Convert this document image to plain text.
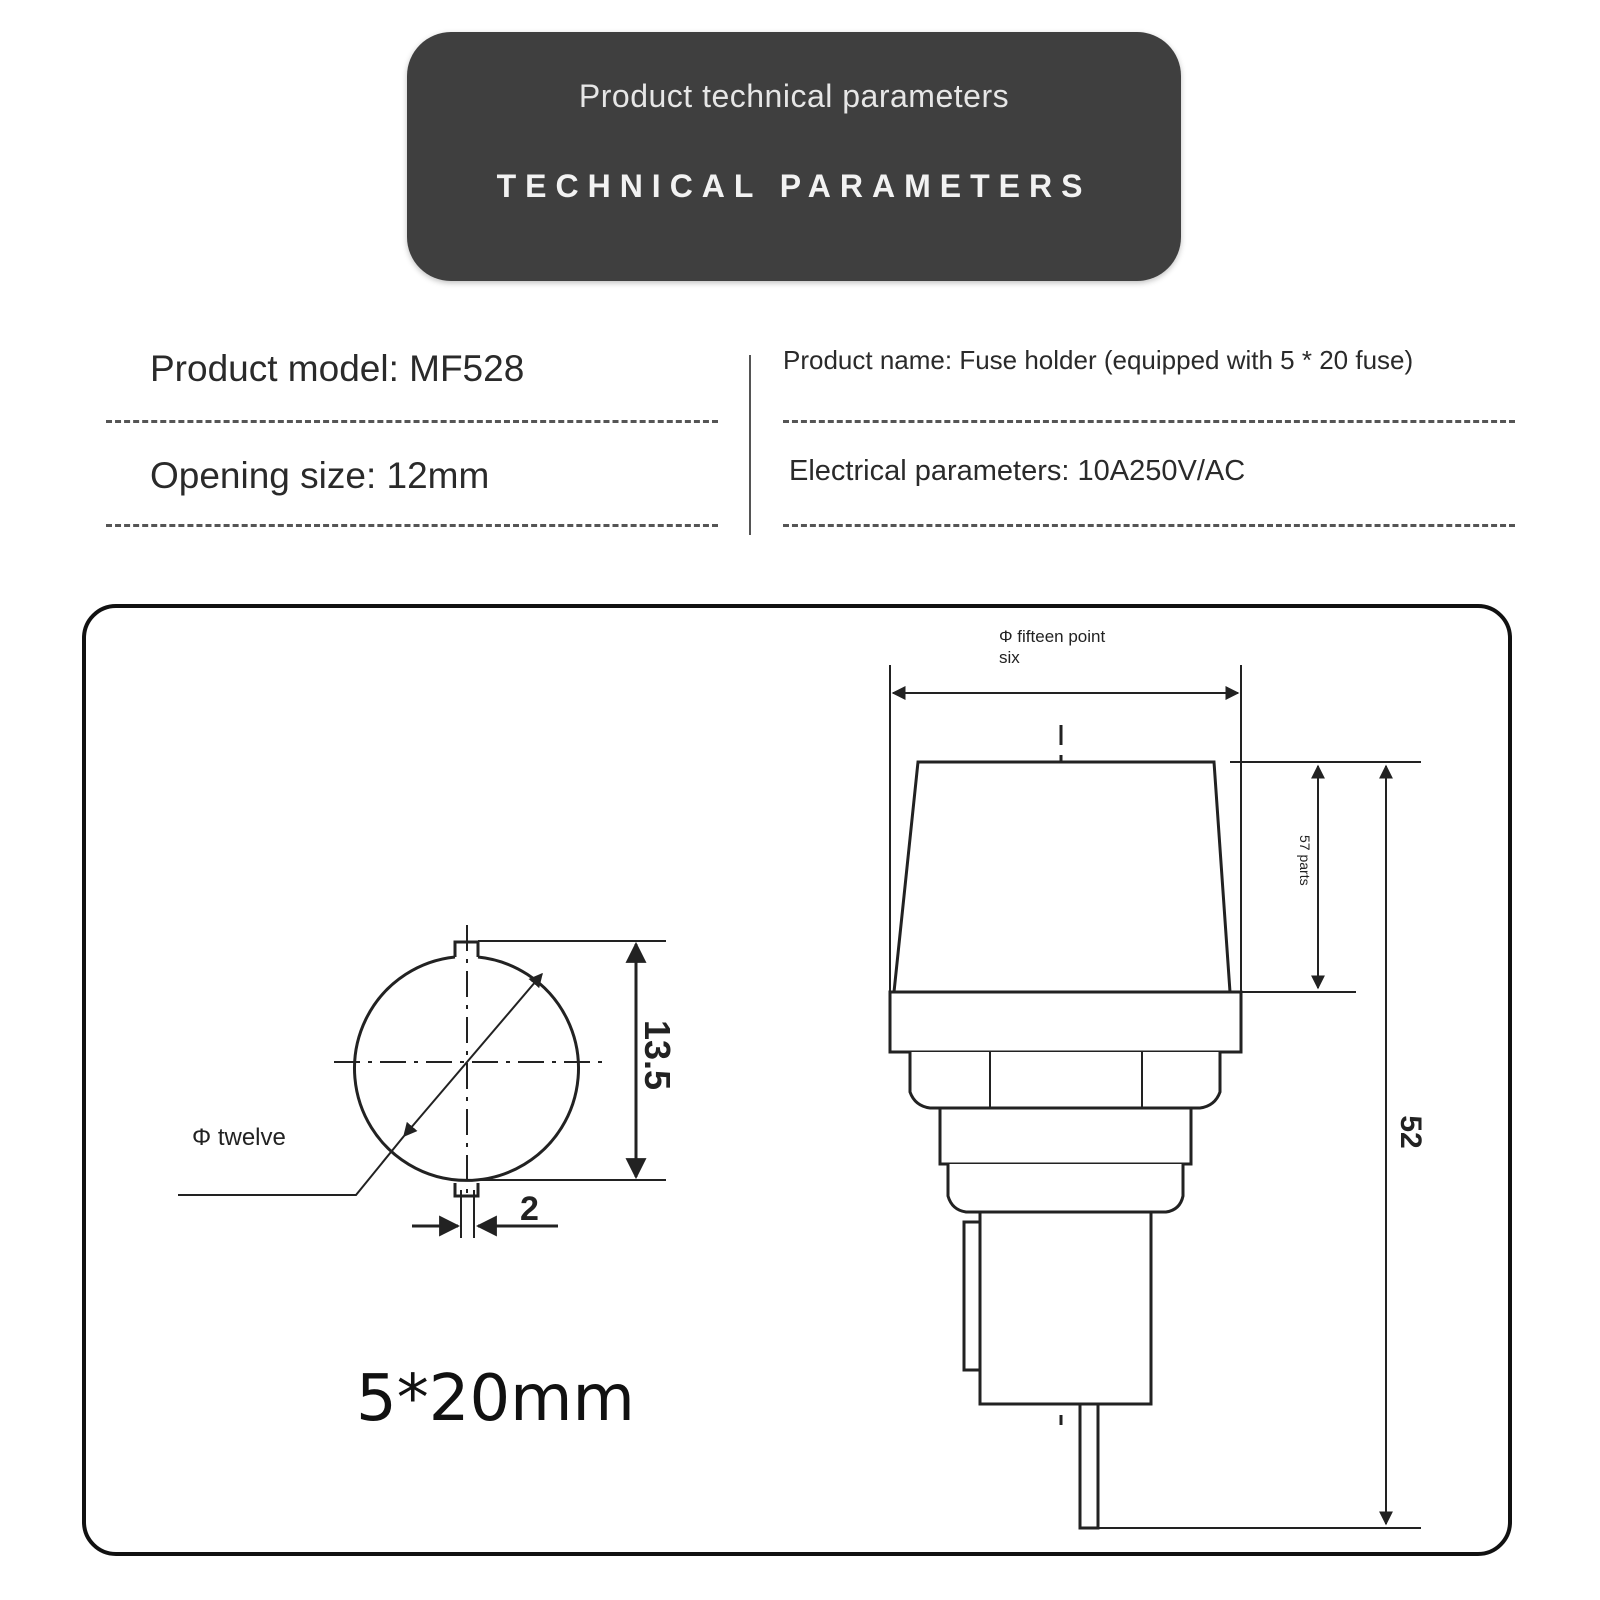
Product technical parameters
TECHNICAL PARAMETERS
Product model: MF528
Opening size: 12mm
Product name: Fuse holder (equipped with 5 * 20 fuse)
Electrical parameters: 10A250V/AC
Φ twelve
13.5
2
Φ fifteen point
six
57 parts
52
5*20mm
